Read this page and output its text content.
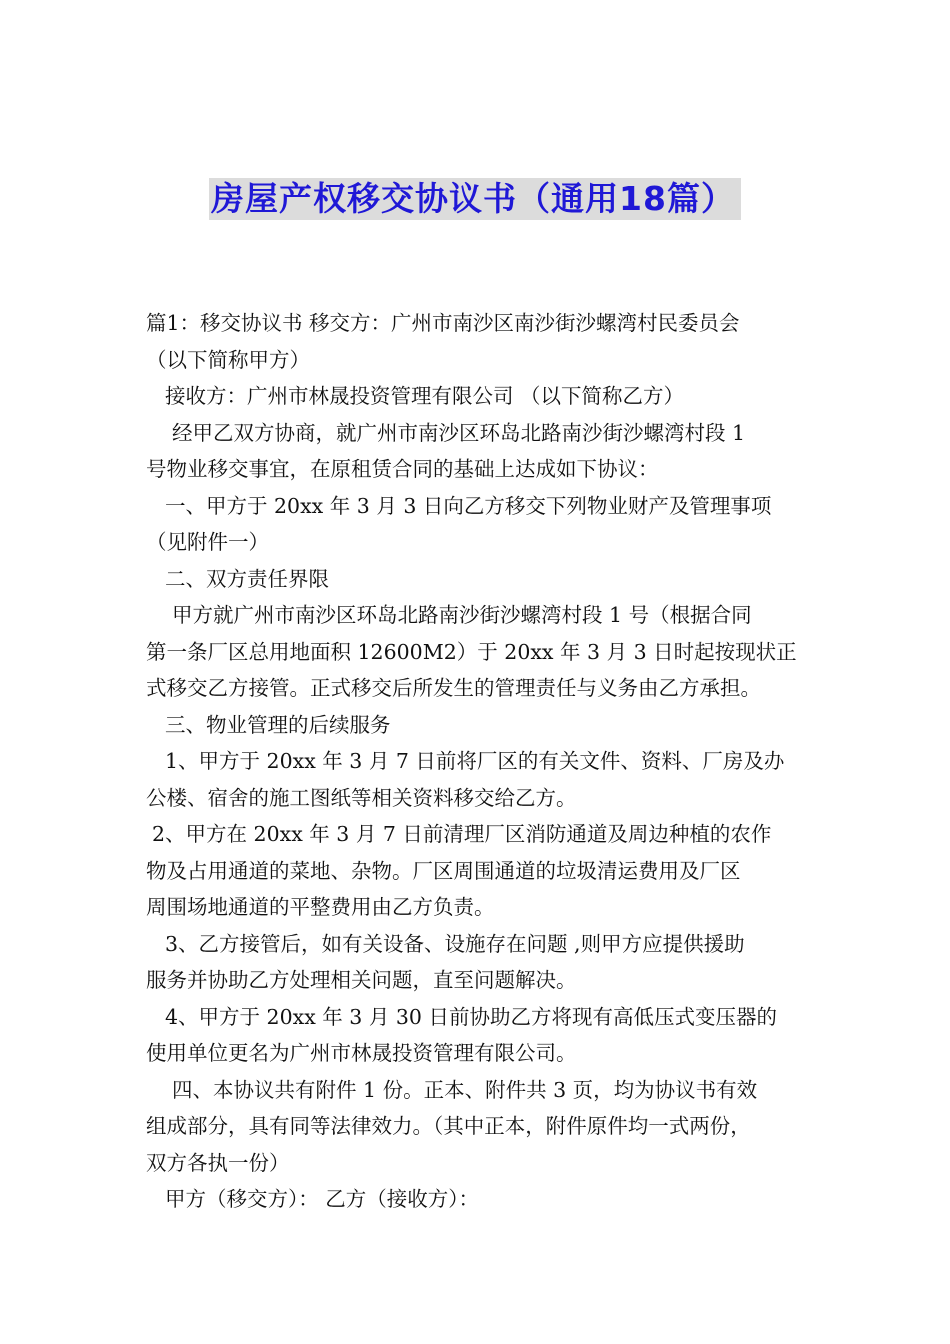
房屋产权移交协议书（通用18篇）
篇1：移交协议书 移交方：广州市南沙区南沙街沙螺湾村民委员会
（以下简称甲方）
接收方：广州市林晟投资管理有限公司 （以下简称乙方）
经甲乙双方协商，就广州市南沙区环岛北路南沙街沙螺湾村段 1
号物业移交事宜，在原租赁合同的基础上达成如下协议：
一、甲方于 20xx 年 3 月 3 日向乙方移交下列物业财产及管理事项
（见附件一）
二、双方责任界限
甲方就广州市南沙区环岛北路南沙街沙螺湾村段 1 号（根据合同
第一条厂区总用地面积 12600M2）于 20xx 年 3 月 3 日时起按现状正
式移交乙方接管。正式移交后所发生的管理责任与义务由乙方承担。
三、物业管理的后续服务
1、甲方于 20xx 年 3 月 7 日前将厂区的有关文件、资料、厂房及办
公楼、宿舍的施工图纸等相关资料移交给乙方。
2、甲方在 20xx 年 3 月 7 日前清理厂区消防通道及周边种植的农作
物及占用通道的菜地、杂物。厂区周围通道的垃圾清运费用及厂区
周围场地通道的平整费用由乙方负责。
3、乙方接管后，如有关设备、设施存在问题 ,则甲方应提供援助
服务并协助乙方处理相关问题，直至问题解决。
4、甲方于 20xx 年 3 月 30 日前协助乙方将现有高低压式变压器的
使用单位更名为广州市林晟投资管理有限公司。
四、本协议共有附件 1 份。正本、附件共 3 页，均为协议书有效
组成部分，具有同等法律效力。（其中正本，附件原件均一式两份，
双方各执一份）
甲方（移交方）： 乙方（接收方）：
